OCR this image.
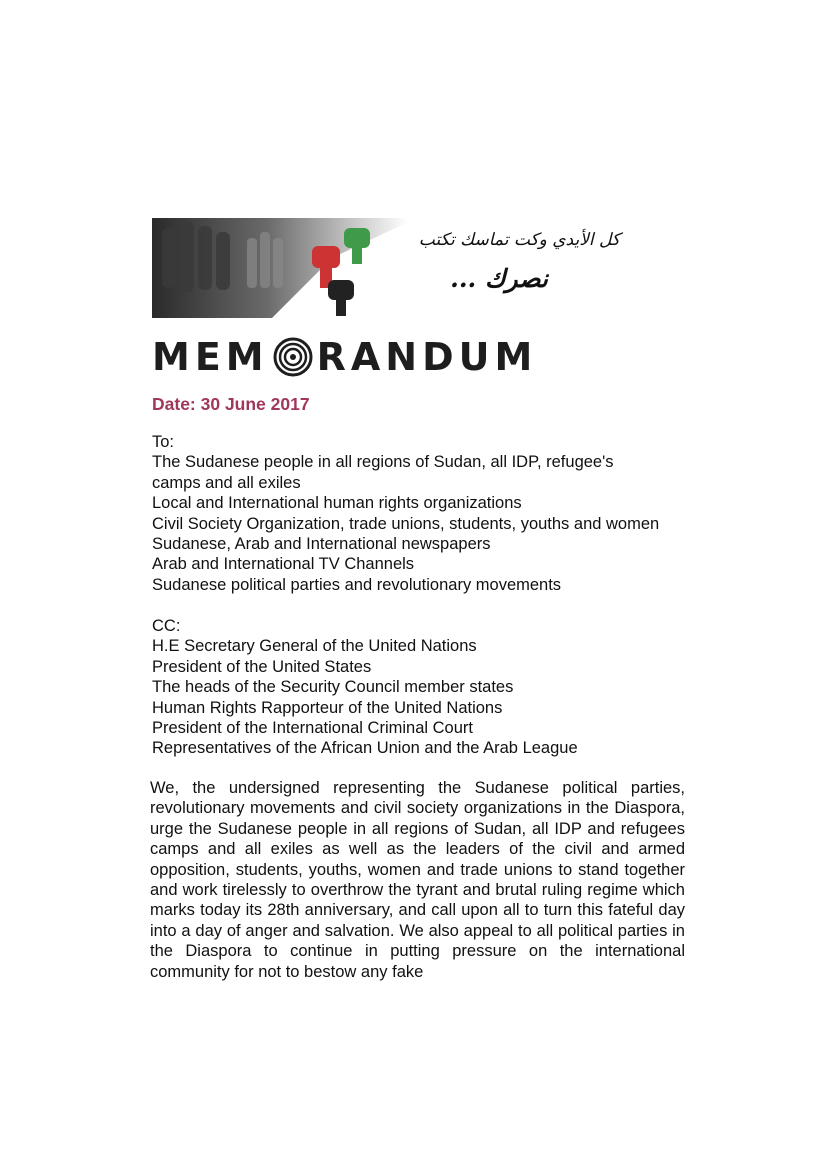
كل الأيدي وكت تماسك تكتب
نصرك ...
MEM RANDUM
Date: 30 June 2017
To:
The Sudanese people in all regions of Sudan, all IDP, refugee's
camps and all exiles
Local and International human rights organizations
Civil Society Organization, trade unions, students, youths and women
Sudanese, Arab and International newspapers
Arab and International TV Channels
Sudanese political parties and revolutionary movements
CC:
H.E Secretary General of the United Nations
President of the United States
The heads of the Security Council member states
Human Rights Rapporteur of the United Nations
President of the International Criminal Court
Representatives of the African Union and the Arab League
We, the undersigned representing the Sudanese political parties, revolutionary movements and civil society organizations in the Diaspora, urge the Sudanese people in all regions of Sudan, all IDP and refugees camps and all exiles as well as the leaders of the civil and armed opposition, students, youths, women and trade unions to stand together and work tirelessly to overthrow the tyrant and brutal ruling regime which marks today its 28th anniversary, and call upon all to turn this fateful day into a day of anger and salvation. We also appeal to all political parties in the Diaspora to continue in putting pressure on the international community for not to bestow any fake
